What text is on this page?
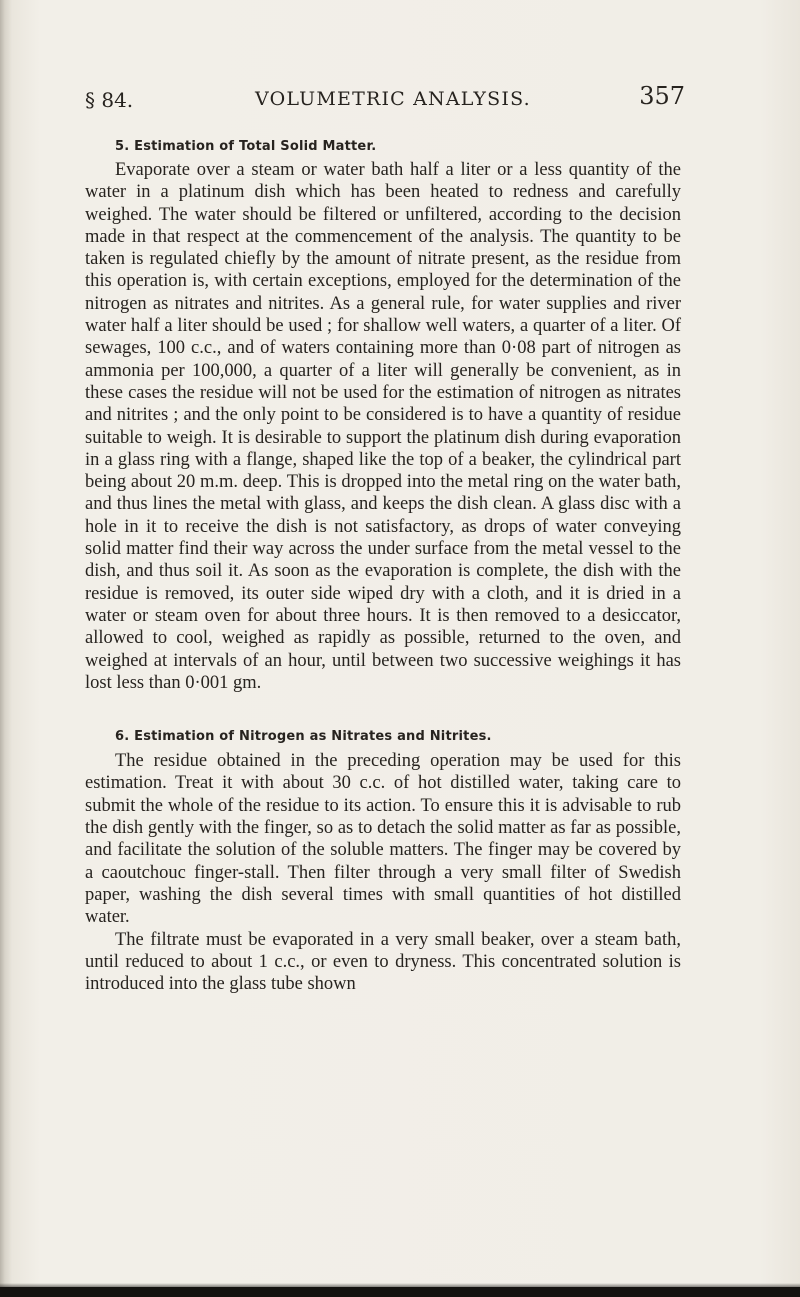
§ 84.	VOLUMETRIC ANALYSIS.	357
5. Estimation of Total Solid Matter.

Evaporate over a steam or water bath half a liter or a less quantity of the water in a platinum dish which has been heated to redness and carefully weighed. The water should be filtered or unfiltered, according to the decision made in that respect at the commencement of the analysis. The quantity to be taken is regulated chiefly by the amount of nitrate present, as the residue from this operation is, with certain exceptions, employed for the determination of the nitrogen as nitrates and nitrites. As a general rule, for water supplies and river water half a liter should be used ; for shallow well waters, a quarter of a liter. Of sewages, 100 c.c., and of waters containing more than 0·08 part of nitrogen as ammonia per 100,000, a quarter of a liter will generally be convenient, as in these cases the residue will not be used for the estimation of nitrogen as nitrates and nitrites ; and the only point to be considered is to have a quantity of residue suitable to weigh. It is desirable to support the platinum dish during evaporation in a glass ring with a flange, shaped like the top of a beaker, the cylindrical part being about 20 m.m. deep. This is dropped into the metal ring on the water bath, and thus lines the metal with glass, and keeps the dish clean. A glass disc with a hole in it to receive the dish is not satisfactory, as drops of water conveying solid matter find their way across the under surface from the metal vessel to the dish, and thus soil it. As soon as the evaporation is complete, the dish with the residue is removed, its outer side wiped dry with a cloth, and it is dried in a water or steam oven for about three hours. It is then removed to a desiccator, allowed to cool, weighed as rapidly as possible, returned to the oven, and weighed at intervals of an hour, until between two successive weighings it has lost less than 0·001 gm.

6. Estimation of Nitrogen as Nitrates and Nitrites.

The residue obtained in the preceding operation may be used for this estimation. Treat it with about 30 c.c. of hot distilled water, taking care to submit the whole of the residue to its action. To ensure this it is advisable to rub the dish gently with the finger, so as to detach the solid matter as far as possible, and facilitate the solution of the soluble matters. The finger may be covered by a caoutchouc finger-stall. Then filter through a very small filter of Swedish paper, washing the dish several times with small quantities of hot distilled water.

The filtrate must be evaporated in a very small beaker, over a steam bath, until reduced to about 1 c.c., or even to dryness. This concentrated solution is introduced into the glass tube shown
